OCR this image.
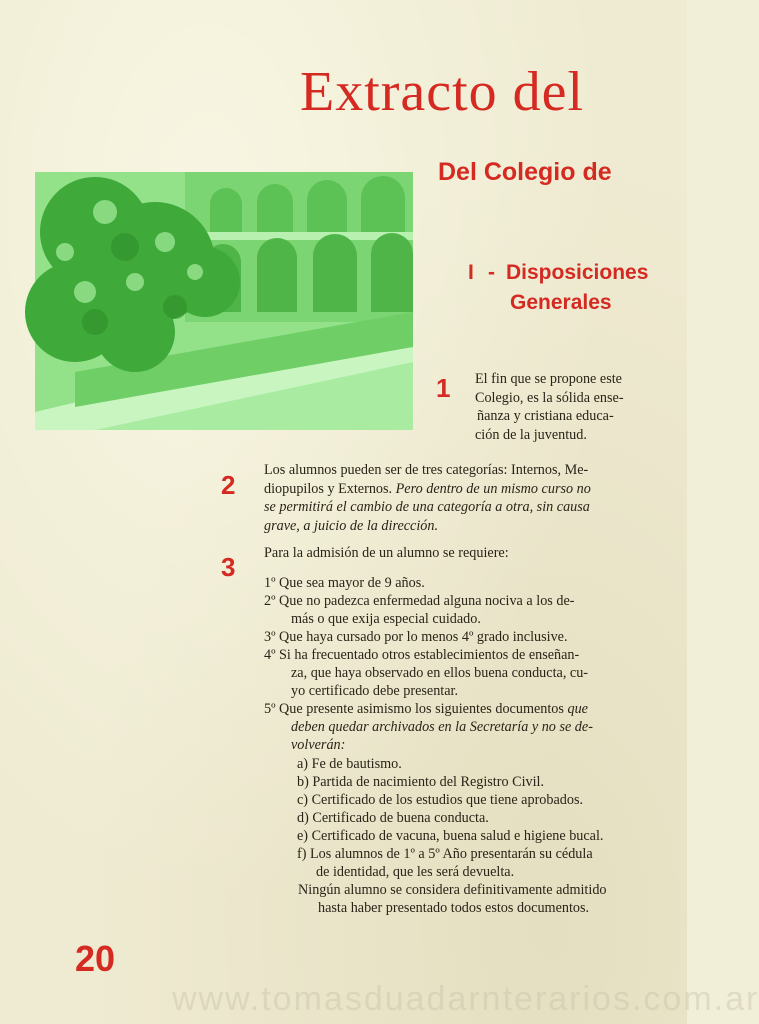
Extracto del
Del Colegio de
I - Disposiciones
Generales
1 El fin que se propone este
Colegio, es la sólida ense-
ñanza y cristiana educa-
ción de la juventud.
2 Los alumnos pueden ser de tres categorías: Internos, Me-
diopupilos y Externos. Pero dentro de un mismo curso no
se permitirá el cambio de una categoría a otra, sin causa
grave, a juicio de la dirección.
3 Para la admisión de un alumno se requiere:
1º Que sea mayor de 9 años.
2º Que no padezca enfermedad alguna nociva a los de-
más o que exija especial cuidado.
3º Que haya cursado por lo menos 4º grado inclusive.
4º Si ha frecuentado otros establecimientos de enseñan-
za, que haya observado en ellos buena conducta, cu-
yo certificado debe presentar.
5º Que presente asimismo los siguientes documentos que
deben quedar archivados en la Secretaría y no se de-
volverán:
a) Fe de bautismo.
b) Partida de nacimiento del Registro Civil.
c) Certificado de los estudios que tiene aprobados.
d) Certificado de buena conducta.
e) Certificado de vacuna, buena salud e higiene bucal.
f) Los alumnos de 1º a 5º Año presentarán su cédula
de identidad, que les será devuelta.
Ningún alumno se considera definitivamente admitido
hasta haber presentado todos estos documentos.
20
www.tomasduadarnterarios.com.ar
